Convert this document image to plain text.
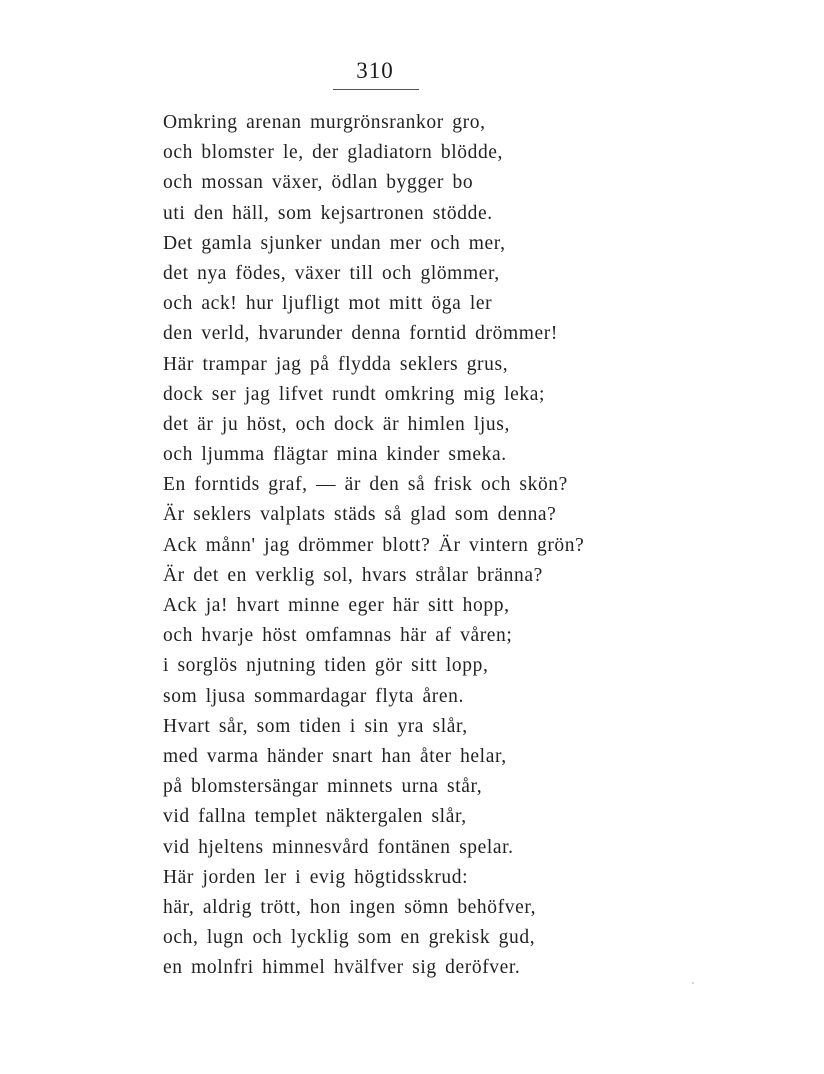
310
Omkring arenan murgrönsrankor gro,
och blomster le, der gladiatorn blödde,
och mossan växer, ödlan bygger bo
uti den häll, som kejsartronen stödde.
Det gamla sjunker undan mer och mer,
det nya födes, växer till och glömmer,
och ack! hur ljufligt mot mitt öga ler
den verld, hvarunder denna forntid drömmer!
Här trampar jag på flydda seklers grus,
dock ser jag lifvet rundt omkring mig leka;
det är ju höst, och dock är himlen ljus,
och ljumma flägtar mina kinder smeka.
En forntids graf, — är den så frisk och skön?
Är seklers valplats städs så glad som denna?
Ack månn' jag drömmer blott? Är vintern grön?
Är det en verklig sol, hvars strålar bränna?
Ack ja! hvart minne eger här sitt hopp,
och hvarje höst omfamnas här af våren;
i sorglös njutning tiden gör sitt lopp,
som ljusa sommardagar flyta åren.
Hvart sår, som tiden i sin yra slår,
med varma händer snart han åter helar,
på blomstersängar minnets urna står,
vid fallna templet näktergalen slår,
vid hjeltens minnesvård fontänen spelar.
Här jorden ler i evig högtidsskrud:
här, aldrig trött, hon ingen sömn behöfver,
och, lugn och lycklig som en grekisk gud,
en molnfri himmel hvälfver sig deröfver.
